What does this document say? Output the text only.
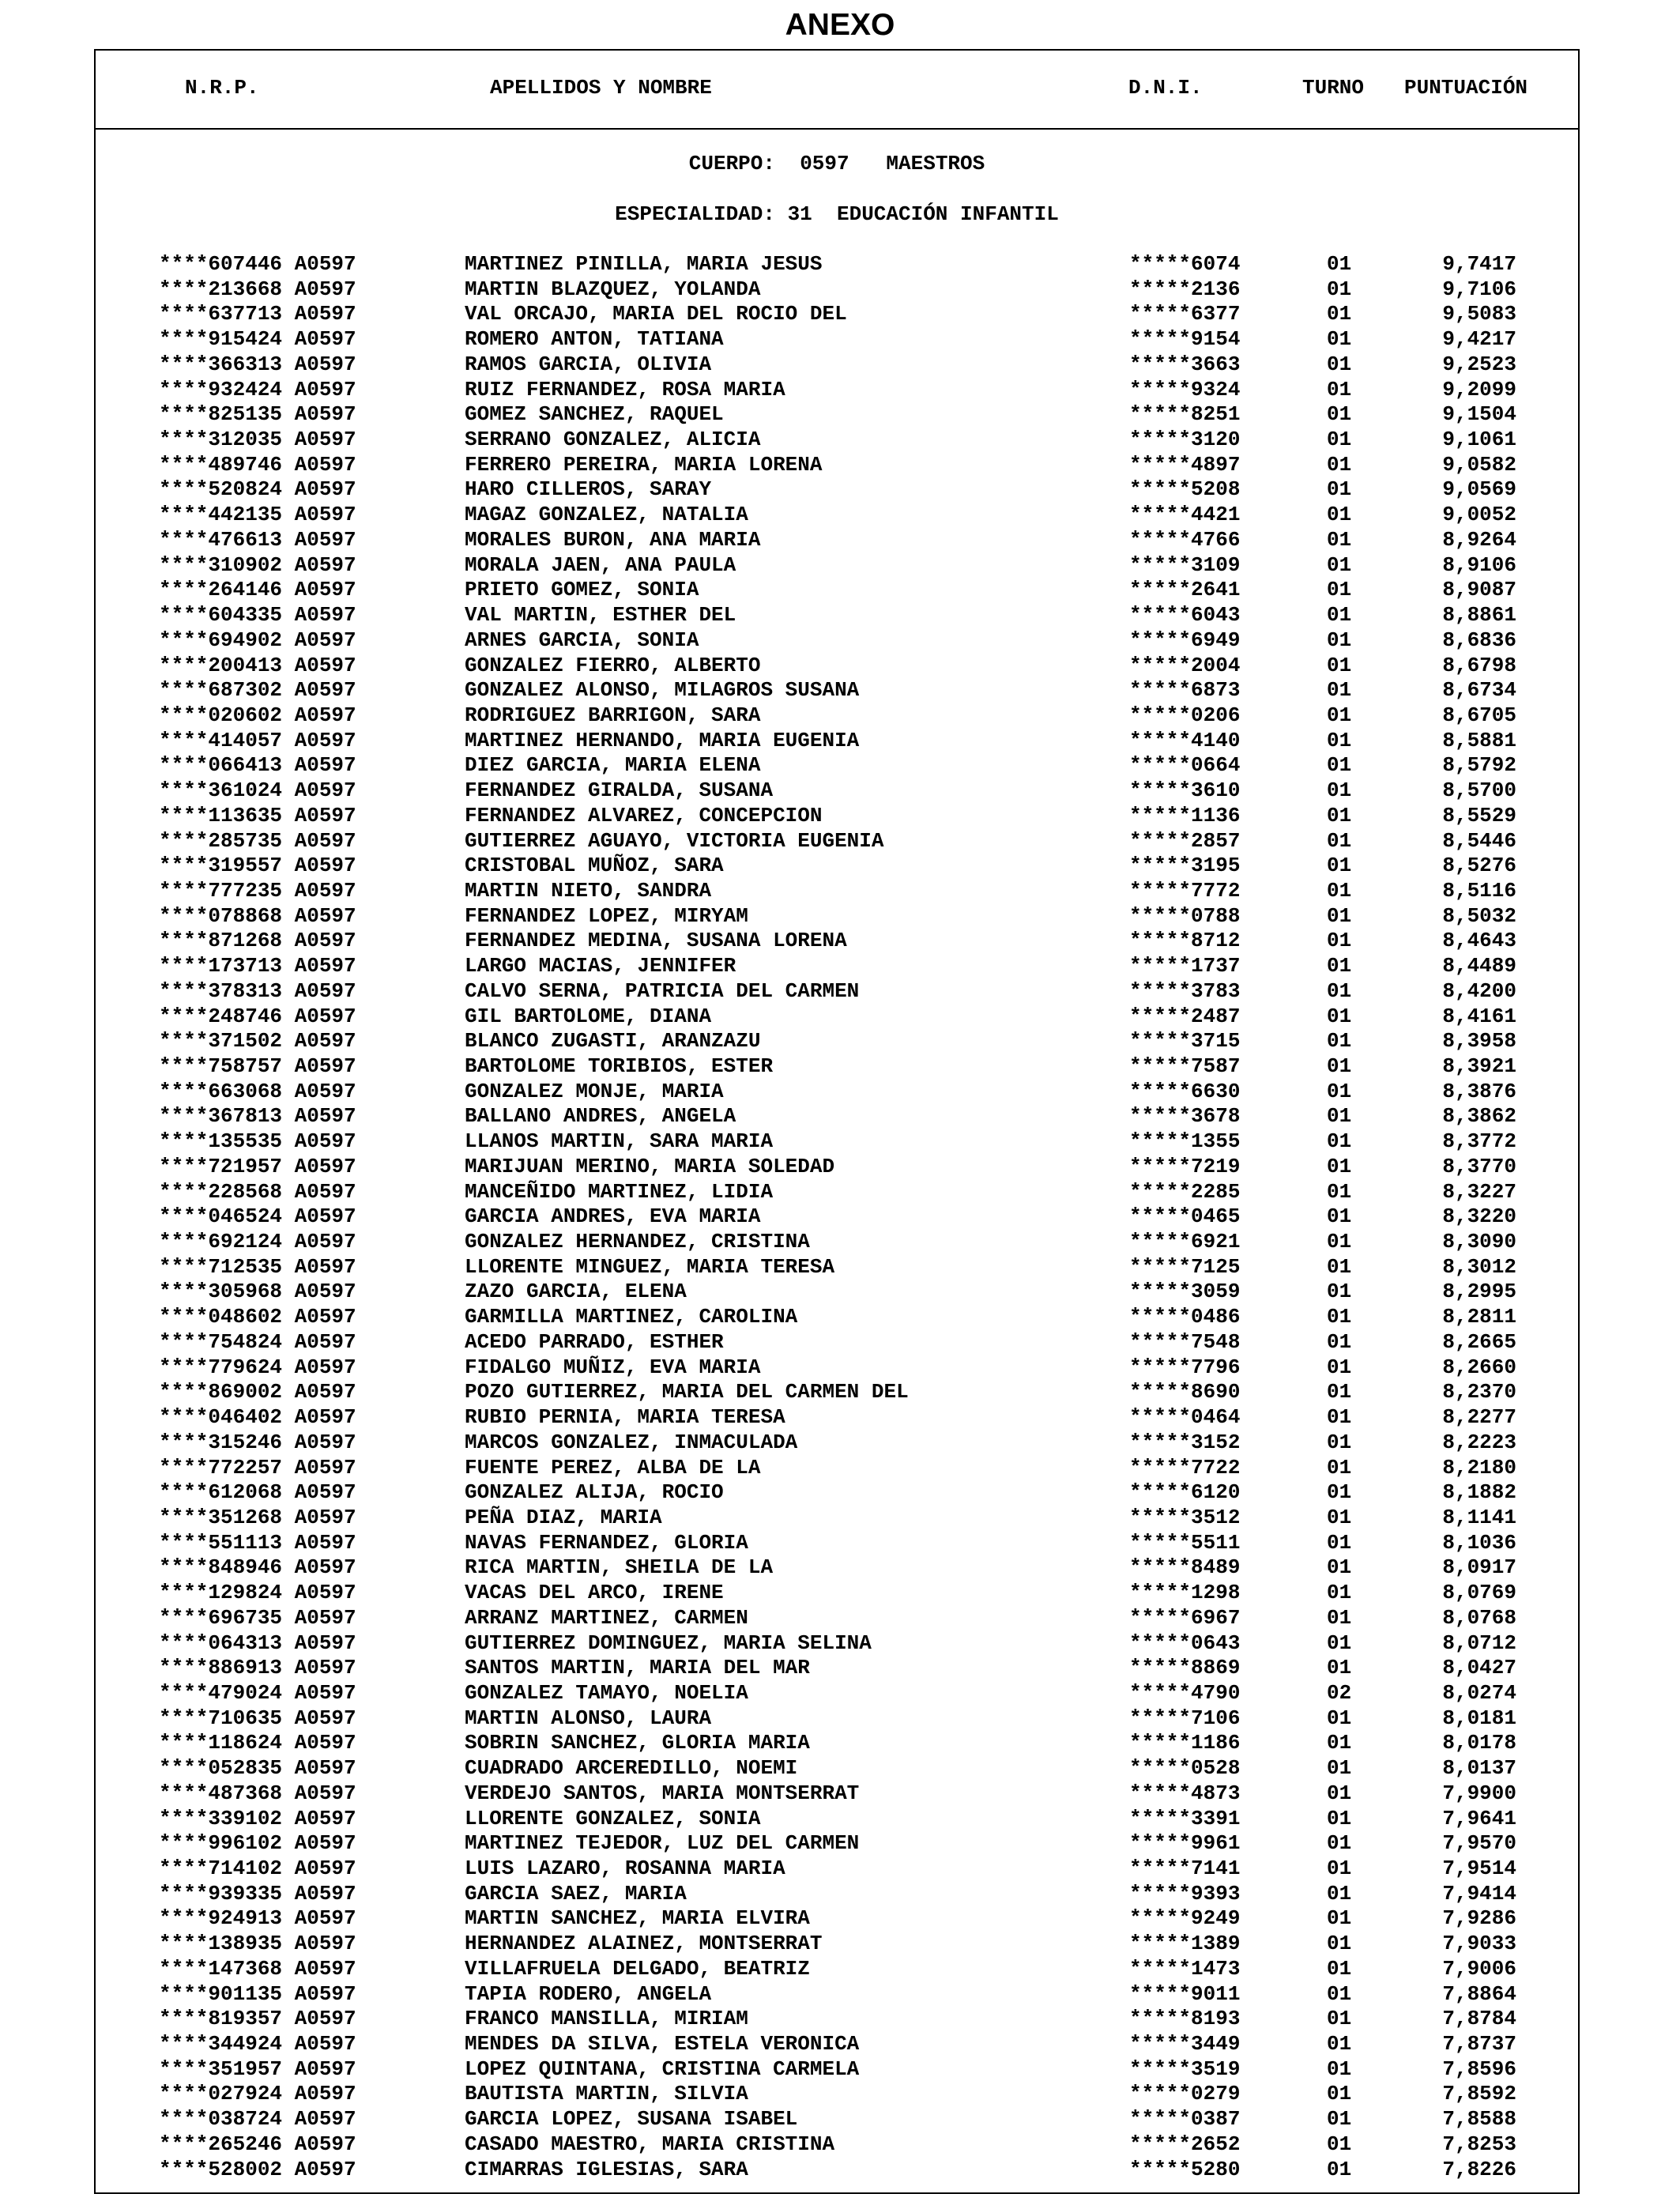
ANEXO
N.R.P.	APELLIDOS Y NOMBRE	D.N.I.	TURNO PUNTUACIÓN
CUERPO:  0597   MAESTROS
ESPECIALIDAD: 31  EDUCACIÓN INFANTIL
****607446 A0597	MARTINEZ PINILLA, MARIA JESUS	*****6074	01	9,7417
****213668 A0597	MARTIN BLAZQUEZ, YOLANDA	*****2136	01	9,7106
****637713 A0597	VAL ORCAJO, MARIA DEL ROCIO DEL	*****6377	01	9,5083
****915424 A0597	ROMERO ANTON, TATIANA	*****9154	01	9,4217
****366313 A0597	RAMOS GARCIA, OLIVIA	*****3663	01	9,2523
****932424 A0597	RUIZ FERNANDEZ, ROSA MARIA	*****9324	01	9,2099
****825135 A0597	GOMEZ SANCHEZ, RAQUEL	*****8251	01	9,1504
****312035 A0597	SERRANO GONZALEZ, ALICIA	*****3120	01	9,1061
****489746 A0597	FERRERO PEREIRA, MARIA LORENA	*****4897	01	9,0582
****520824 A0597	HARO CILLEROS, SARAY	*****5208	01	9,0569
****442135 A0597	MAGAZ GONZALEZ, NATALIA	*****4421	01	9,0052
****476613 A0597	MORALES BURON, ANA MARIA	*****4766	01	8,9264
****310902 A0597	MORALA JAEN, ANA PAULA	*****3109	01	8,9106
****264146 A0597	PRIETO GOMEZ, SONIA	*****2641	01	8,9087
****604335 A0597	VAL MARTIN, ESTHER DEL	*****6043	01	8,8861
****694902 A0597	ARNES GARCIA, SONIA	*****6949	01	8,6836
****200413 A0597	GONZALEZ FIERRO, ALBERTO	*****2004	01	8,6798
****687302 A0597	GONZALEZ ALONSO, MILAGROS SUSANA	*****6873	01	8,6734
****020602 A0597	RODRIGUEZ BARRIGON, SARA	*****0206	01	8,6705
****414057 A0597	MARTINEZ HERNANDO, MARIA EUGENIA	*****4140	01	8,5881
****066413 A0597	DIEZ GARCIA, MARIA ELENA	*****0664	01	8,5792
****361024 A0597	FERNANDEZ GIRALDA, SUSANA	*****3610	01	8,5700
****113635 A0597	FERNANDEZ ALVAREZ, CONCEPCION	*****1136	01	8,5529
****285735 A0597	GUTIERREZ AGUAYO, VICTORIA EUGENIA	*****2857	01	8,5446
****319557 A0597	CRISTOBAL MUÑOZ, SARA	*****3195	01	8,5276
****777235 A0597	MARTIN NIETO, SANDRA	*****7772	01	8,5116
****078868 A0597	FERNANDEZ LOPEZ, MIRYAM	*****0788	01	8,5032
****871268 A0597	FERNANDEZ MEDINA, SUSANA LORENA	*****8712	01	8,4643
****173713 A0597	LARGO MACIAS, JENNIFER	*****1737	01	8,4489
****378313 A0597	CALVO SERNA, PATRICIA DEL CARMEN	*****3783	01	8,4200
****248746 A0597	GIL BARTOLOME, DIANA	*****2487	01	8,4161
****371502 A0597	BLANCO ZUGASTI, ARANZAZU	*****3715	01	8,3958
****758757 A0597	BARTOLOME TORIBIOS, ESTER	*****7587	01	8,3921
****663068 A0597	GONZALEZ MONJE, MARIA	*****6630	01	8,3876
****367813 A0597	BALLANO ANDRES, ANGELA	*****3678	01	8,3862
****135535 A0597	LLANOS MARTIN, SARA MARIA	*****1355	01	8,3772
****721957 A0597	MARIJUAN MERINO, MARIA SOLEDAD	*****7219	01	8,3770
****228568 A0597	MANCEÑIDO MARTINEZ, LIDIA	*****2285	01	8,3227
****046524 A0597	GARCIA ANDRES, EVA MARIA	*****0465	01	8,3220
****692124 A0597	GONZALEZ HERNANDEZ, CRISTINA	*****6921	01	8,3090
****712535 A0597	LLORENTE MINGUEZ, MARIA TERESA	*****7125	01	8,3012
****305968 A0597	ZAZO GARCIA, ELENA	*****3059	01	8,2995
****048602 A0597	GARMILLA MARTINEZ, CAROLINA	*****0486	01	8,2811
****754824 A0597	ACEDO PARRADO, ESTHER	*****7548	01	8,2665
****779624 A0597	FIDALGO MUÑIZ, EVA MARIA	*****7796	01	8,2660
****869002 A0597	POZO GUTIERREZ, MARIA DEL CARMEN DEL	*****8690	01	8,2370
****046402 A0597	RUBIO PERNIA, MARIA TERESA	*****0464	01	8,2277
****315246 A0597	MARCOS GONZALEZ, INMACULADA	*****3152	01	8,2223
****772257 A0597	FUENTE PEREZ, ALBA DE LA	*****7722	01	8,2180
****612068 A0597	GONZALEZ ALIJA, ROCIO	*****6120	01	8,1882
****351268 A0597	PEÑA DIAZ, MARIA	*****3512	01	8,1141
****551113 A0597	NAVAS FERNANDEZ, GLORIA	*****5511	01	8,1036
****848946 A0597	RICA MARTIN, SHEILA DE LA	*****8489	01	8,0917
****129824 A0597	VACAS DEL ARCO, IRENE	*****1298	01	8,0769
****696735 A0597	ARRANZ MARTINEZ, CARMEN	*****6967	01	8,0768
****064313 A0597	GUTIERREZ DOMINGUEZ, MARIA SELINA	*****0643	01	8,0712
****886913 A0597	SANTOS MARTIN, MARIA DEL MAR	*****8869	01	8,0427
****479024 A0597	GONZALEZ TAMAYO, NOELIA	*****4790	02	8,0274
****710635 A0597	MARTIN ALONSO, LAURA	*****7106	01	8,0181
****118624 A0597	SOBRIN SANCHEZ, GLORIA MARIA	*****1186	01	8,0178
****052835 A0597	CUADRADO ARCEREDILLO, NOEMI	*****0528	01	8,0137
****487368 A0597	VERDEJO SANTOS, MARIA MONTSERRAT	*****4873	01	7,9900
****339102 A0597	LLORENTE GONZALEZ, SONIA	*****3391	01	7,9641
****996102 A0597	MARTINEZ TEJEDOR, LUZ DEL CARMEN	*****9961	01	7,9570
****714102 A0597	LUIS LAZARO, ROSANNA MARIA	*****7141	01	7,9514
****939335 A0597	GARCIA SAEZ, MARIA	*****9393	01	7,9414
****924913 A0597	MARTIN SANCHEZ, MARIA ELVIRA	*****9249	01	7,9286
****138935 A0597	HERNANDEZ ALAINEZ, MONTSERRAT	*****1389	01	7,9033
****147368 A0597	VILLAFRUELA DELGADO, BEATRIZ	*****1473	01	7,9006
****901135 A0597	TAPIA RODERO, ANGELA	*****9011	01	7,8864
****819357 A0597	FRANCO MANSILLA, MIRIAM	*****8193	01	7,8784
****344924 A0597	MENDES DA SILVA, ESTELA VERONICA	*****3449	01	7,8737
****351957 A0597	LOPEZ QUINTANA, CRISTINA CARMELA	*****3519	01	7,8596
****027924 A0597	BAUTISTA MARTIN, SILVIA	*****0279	01	7,8592
****038724 A0597	GARCIA LOPEZ, SUSANA ISABEL	*****0387	01	7,8588
****265246 A0597	CASADO MAESTRO, MARIA CRISTINA	*****2652	01	7,8253
****528002 A0597	CIMARRAS IGLESIAS, SARA	*****5280	01	7,8226
